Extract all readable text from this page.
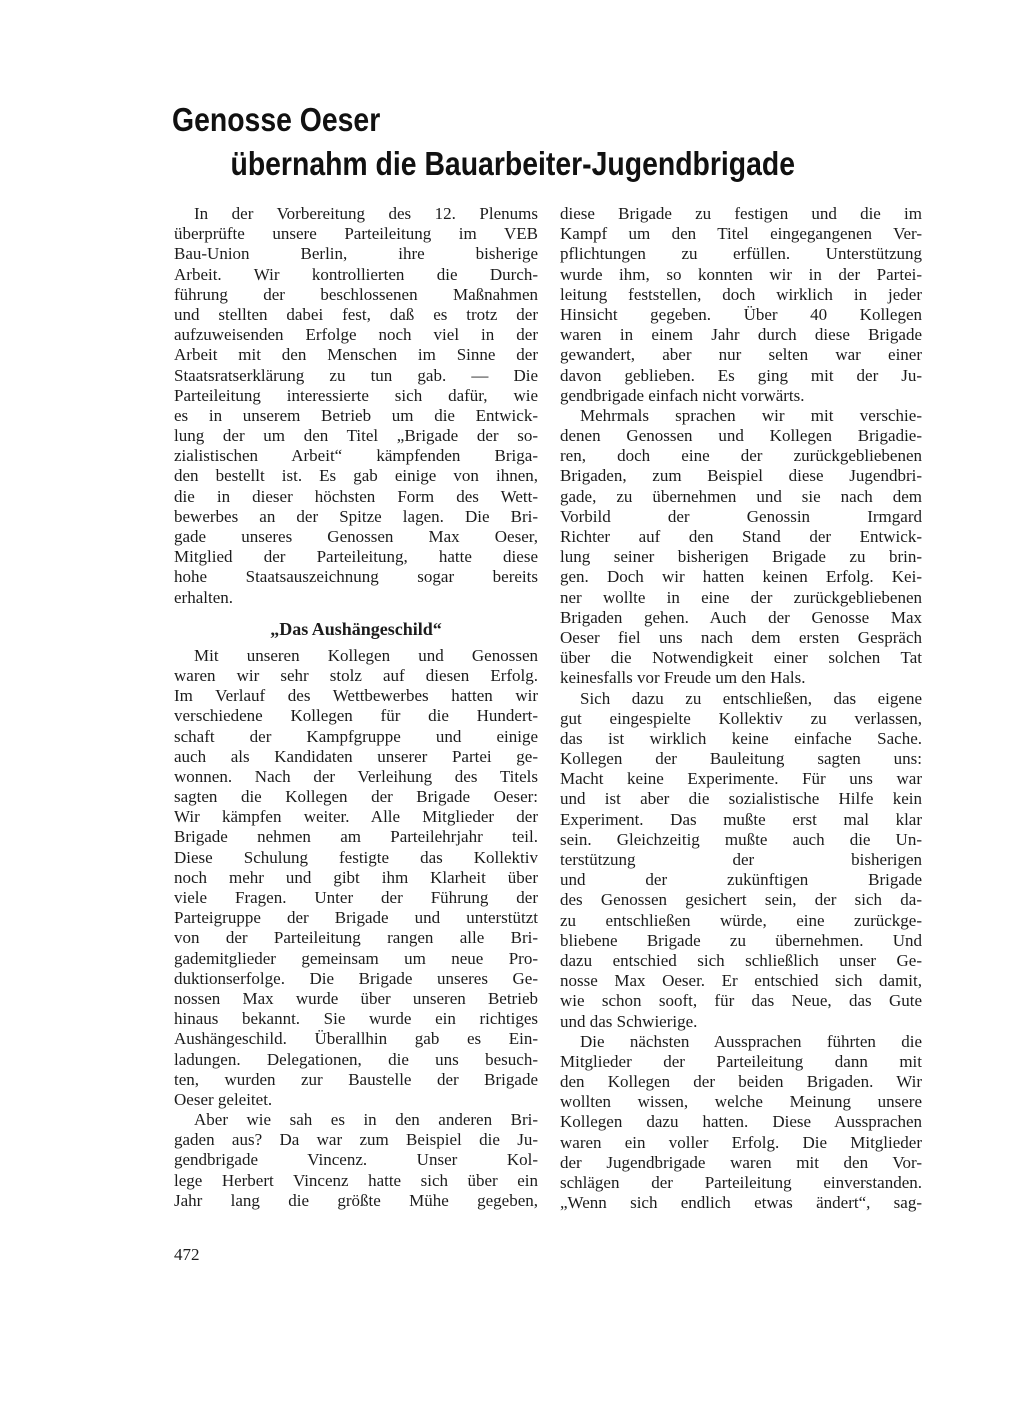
Genosse Oeser
übernahm die Bauarbeiter-Jugendbrigade
In der Vorbereitung des 12. Plenums
überprüfte unsere Parteileitung im VEB
Bau-Union Berlin, ihre bisherige
Arbeit. Wir kontrollierten die Durch-
führung der beschlossenen Maßnahmen
und stellten dabei fest, daß es trotz der
aufzuweisenden Erfolge noch viel in der
Arbeit mit den Menschen im Sinne der
Staatsratserklärung zu tun gab. — Die
Parteileitung interessierte sich dafür, wie
es in unserem Betrieb um die Entwick-
lung der um den Titel „Brigade der so-
zialistischen Arbeit“ kämpfenden Briga-
den bestellt ist. Es gab einige von ihnen,
die in dieser höchsten Form des Wett-
bewerbes an der Spitze lagen. Die Bri-
gade unseres Genossen Max Oeser,
Mitglied der Parteileitung, hatte diese
hohe Staatsauszeichnung sogar bereits
erhalten.
„Das Aushängeschild“
Mit unseren Kollegen und Genossen
waren wir sehr stolz auf diesen Erfolg.
Im Verlauf des Wettbewerbes hatten wir
verschiedene Kollegen für die Hundert-
schaft der Kampfgruppe und einige
auch als Kandidaten unserer Partei ge-
wonnen. Nach der Verleihung des Titels
sagten die Kollegen der Brigade Oeser:
Wir kämpfen weiter. Alle Mitglieder der
Brigade nehmen am Parteilehrjahr teil.
Diese Schulung festigte das Kollektiv
noch mehr und gibt ihm Klarheit über
viele Fragen. Unter der Führung der
Parteigruppe der Brigade und unterstützt
von der Parteileitung rangen alle Bri-
gademitglieder gemeinsam um neue Pro-
duktionserfolge. Die Brigade unseres Ge-
nossen Max wurde über unseren Betrieb
hinaus bekannt. Sie wurde ein richtiges
Aushängeschild. Überallhin gab es Ein-
ladungen. Delegationen, die uns besuch-
ten, wurden zur Baustelle der Brigade
Oeser geleitet.
Aber wie sah es in den anderen Bri-
gaden aus? Da war zum Beispiel die Ju-
gendbrigade Vincenz. Unser Kol-
lege Herbert Vincenz hatte sich über ein
Jahr lang die größte Mühe gegeben,
diese Brigade zu festigen und die im
Kampf um den Titel eingegangenen Ver-
pflichtungen zu erfüllen. Unterstützung
wurde ihm, so konnten wir in der Partei-
leitung feststellen, doch wirklich in jeder
Hinsicht gegeben. Über 40 Kollegen
waren in einem Jahr durch diese Brigade
gewandert, aber nur selten war einer
davon geblieben. Es ging mit der Ju-
gendbrigade einfach nicht vorwärts.
Mehrmals sprachen wir mit verschie-
denen Genossen und Kollegen Brigadie-
ren, doch eine der zurückgebliebenen
Brigaden, zum Beispiel diese Jugendbri-
gade, zu übernehmen und sie nach dem
Vorbild der Genossin Irmgard
Richter auf den Stand der Entwick-
lung seiner bisherigen Brigade zu brin-
gen. Doch wir hatten keinen Erfolg. Kei-
ner wollte in eine der zurückgebliebenen
Brigaden gehen. Auch der Genosse Max
Oeser fiel uns nach dem ersten Gespräch
über die Notwendigkeit einer solchen Tat
keinesfalls vor Freude um den Hals.
Sich dazu zu entschließen, das eigene
gut eingespielte Kollektiv zu verlassen,
das ist wirklich keine einfache Sache.
Kollegen der Bauleitung sagten uns:
Macht keine Experimente. Für uns war
und ist aber die sozialistische Hilfe kein
Experiment. Das mußte erst mal klar
sein. Gleichzeitig mußte auch die Un-
terstützung der bisherigen
und der zukünftigen Brigade
des Genossen gesichert sein, der sich da-
zu entschließen würde, eine zurückge-
bliebene Brigade zu übernehmen. Und
dazu entschied sich schließlich unser Ge-
nosse Max Oeser. Er entschied sich damit,
wie schon sooft, für das Neue, das Gute
und das Schwierige.
Die nächsten Aussprachen führten die
Mitglieder der Parteileitung dann mit
den Kollegen der beiden Brigaden. Wir
wollten wissen, welche Meinung unsere
Kollegen dazu hatten. Diese Aussprachen
waren ein voller Erfolg. Die Mitglieder
der Jugendbrigade waren mit den Vor-
schlägen der Parteileitung einverstanden.
„Wenn sich endlich etwas ändert“, sag-
472
